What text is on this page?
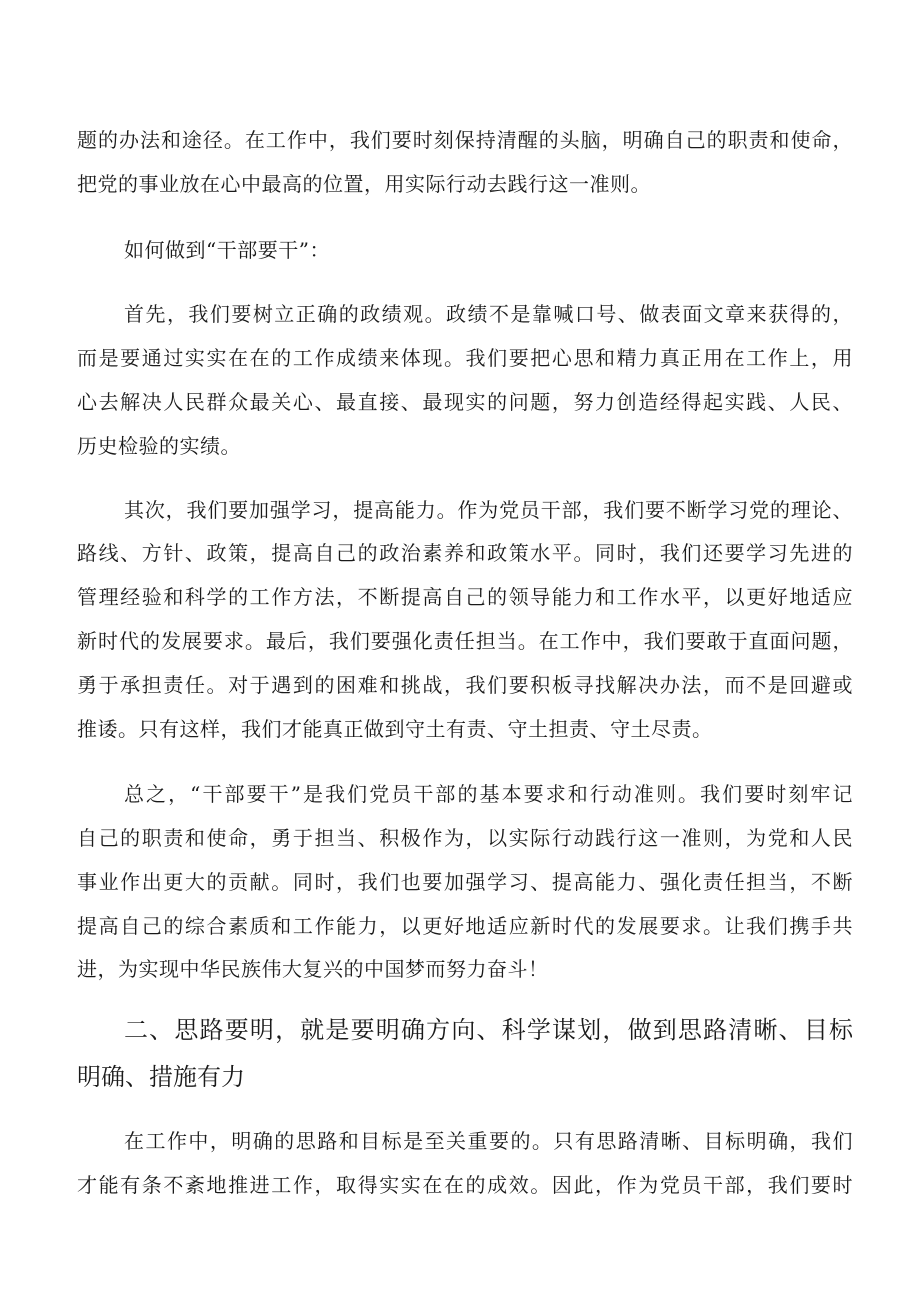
题的办法和途径。在工作中，我们要时刻保持清醒的头脑，明确自己的职责和使命，
把党的事业放在心中最高的位置，用实际行动去践行这一准则。
如何做到“干部要干”：
首先，我们要树立正确的政绩观。政绩不是靠喊口号、做表面文章来获得的，
而是要通过实实在在的工作成绩来体现。我们要把心思和精力真正用在工作上，用
心去解决人民群众最关心、最直接、最现实的问题，努力创造经得起实践、人民、
历史检验的实绩。
其次，我们要加强学习，提高能力。作为党员干部，我们要不断学习党的理论、
路线、方针、政策，提高自己的政治素养和政策水平。同时，我们还要学习先进的
管理经验和科学的工作方法，不断提高自己的领导能力和工作水平，以更好地适应
新时代的发展要求。最后，我们要强化责任担当。在工作中，我们要敢于直面问题，
勇于承担责任。对于遇到的困难和挑战，我们要积板寻找解决办法，而不是回避或
推诿。只有这样，我们才能真正做到守土有责、守土担责、守土尽责。
总之，“干部要干”是我们党员干部的基本要求和行动准则。我们要时刻牢记
自己的职责和使命，勇于担当、积极作为，以实际行动践行这一准则，为党和人民
事业作出更大的贡献。同时，我们也要加强学习、提高能力、强化责任担当，不断
提高自己的综合素质和工作能力，以更好地适应新时代的发展要求。让我们携手共
进，为实现中华民族伟大复兴的中国梦而努力奋斗！
二、思路要明，就是要明确方向、科学谋划，做到思路清晰、目标
明确、措施有力
在工作中，明确的思路和目标是至关重要的。只有思路清晰、目标明确，我们
才能有条不紊地推进工作，取得实实在在的成效。因此，作为党员干部，我们要时
